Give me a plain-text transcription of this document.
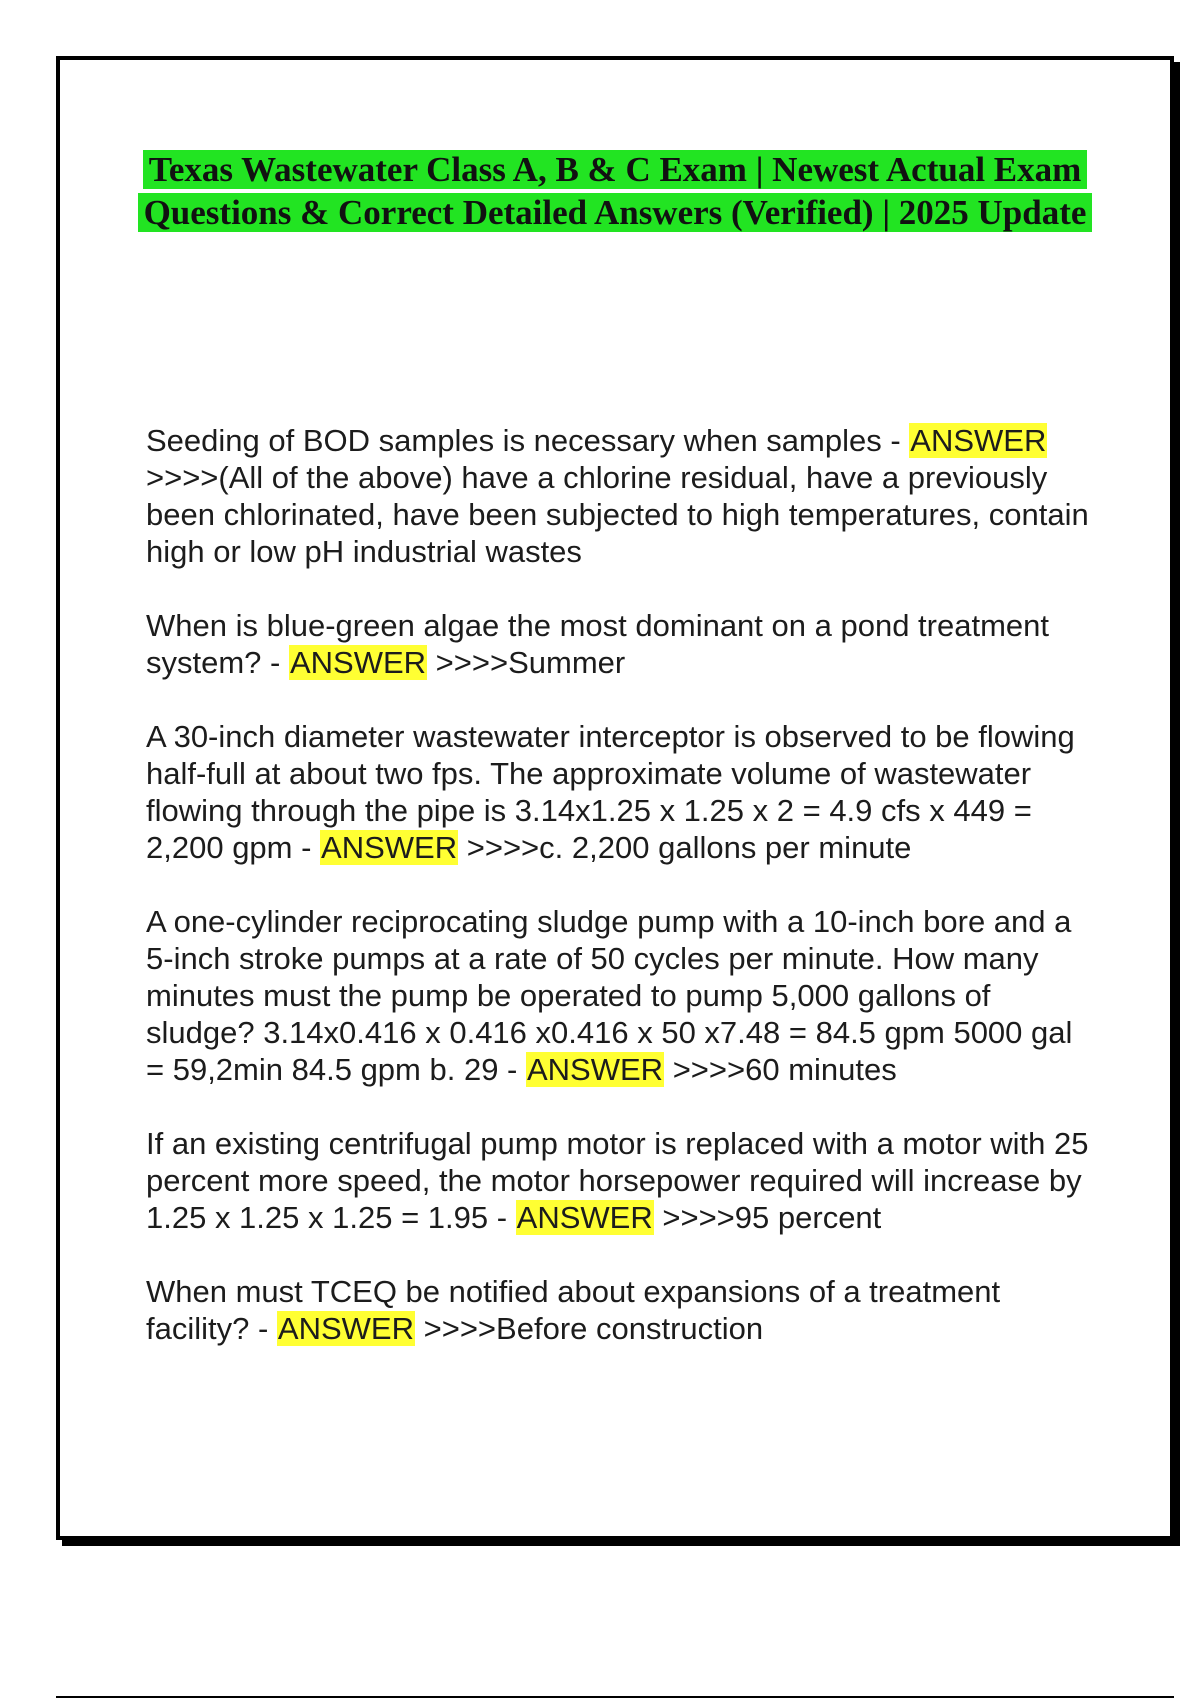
Texas Wastewater Class A, B & C Exam | Newest Actual Exam Questions & Correct Detailed Answers (Verified) | 2025 Update

Seeding of BOD samples is necessary when samples - ANSWER >>>>(All of the above) have a chlorine residual, have a previously been chlorinated, have been subjected to high temperatures, contain high or low pH industrial wastes

When is blue-green algae the most dominant on a pond treatment system? - ANSWER >>>>Summer

A 30-inch diameter wastewater interceptor is observed to be flowing half-full at about two fps. The approximate volume of wastewater flowing through the pipe is 3.14x1.25 x 1.25 x 2 = 4.9 cfs x 449 = 2,200 gpm - ANSWER >>>>c. 2,200 gallons per minute

A one-cylinder reciprocating sludge pump with a 10-inch bore and a 5-inch stroke pumps at a rate of 50 cycles per minute. How many minutes must the pump be operated to pump 5,000 gallons of sludge? 3.14x0.416 x 0.416 x0.416 x 50 x7.48 = 84.5 gpm 5000 gal = 59,2min 84.5 gpm b. 29 - ANSWER >>>>60 minutes

If an existing centrifugal pump motor is replaced with a motor with 25 percent more speed, the motor horsepower required will increase by 1.25 x 1.25 x 1.25 = 1.95 - ANSWER >>>>95 percent

When must TCEQ be notified about expansions of a treatment facility? - ANSWER >>>>Before construction
